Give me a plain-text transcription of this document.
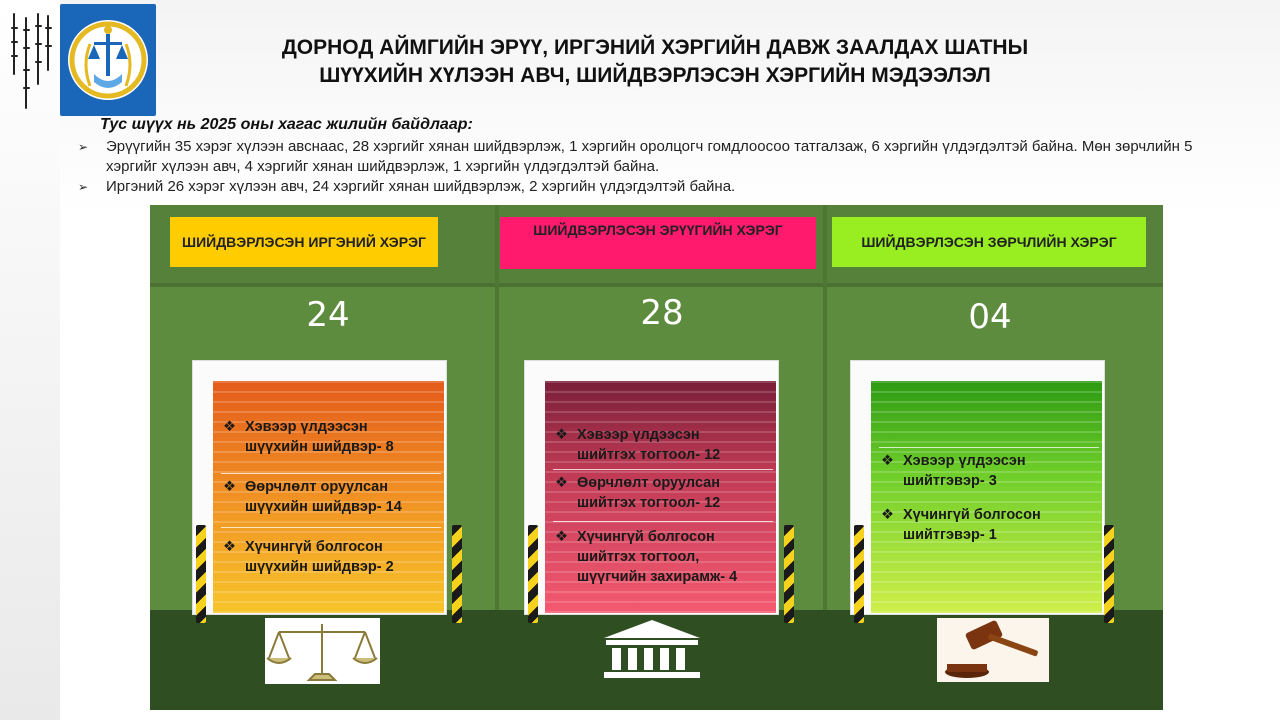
ДОРНОД АЙМГИЙН ЭРҮҮ, ИРГЭНИЙ ХЭРГИЙН ДАВЖ ЗААЛДАХ ШАТНЫ
ШҮҮХИЙН ХҮЛЭЭН АВЧ, ШИЙДВЭРЛЭСЭН ХЭРГИЙН МЭДЭЭЛЭЛ
Тус шүүх нь 2025 оны хагас жилийн байдлаар:
➢ Эрүүгийн 35 хэрэг хүлээн авснаас, 28 хэргийг хянан шийдвэрлэж, 1 хэргийн оролцогч гомдлоосоо татгалзаж, 6 хэргийн үлдэгдэлтэй байна. Мөн зөрчлийн 5 хэргийг хүлээн авч, 4 хэргийг хянан шийдвэрлэж, 1 хэргийн үлдэгдэлтэй байна.
➢ Иргэний 26 хэрэг хүлээн авч, 24 хэргийг хянан шийдвэрлэж, 2 хэргийн үлдэгдэлтэй байна.
ШИЙДВЭРЛЭСЭН ИРГЭНИЙ ХЭРЭГ
24
❖ Хэвээр үлдээсэн
шүүхийн шийдвэр- 8
❖ Өөрчлөлт оруулсан
шүүхийн шийдвэр- 14
❖ Хүчингүй болгосон
шүүхийн шийдвэр- 2
ШИЙДВЭРЛЭСЭН ЭРҮҮГИЙН ХЭРЭГ
28
❖ Хэвээр үлдээсэн
шийтгэх тогтоол- 12
❖ Өөрчлөлт оруулсан
шийтгэх тогтоол- 12
❖ Хүчингүй болгосон
шийтгэх тогтоол,
шүүгчийн захирамж- 4
ШИЙДВЭРЛЭСЭН ЗӨРЧЛИЙН ХЭРЭГ
04
❖ Хэвээр үлдээсэн
шийтгэвэр- 3
❖ Хүчингүй болгосон
шийтгэвэр- 1
